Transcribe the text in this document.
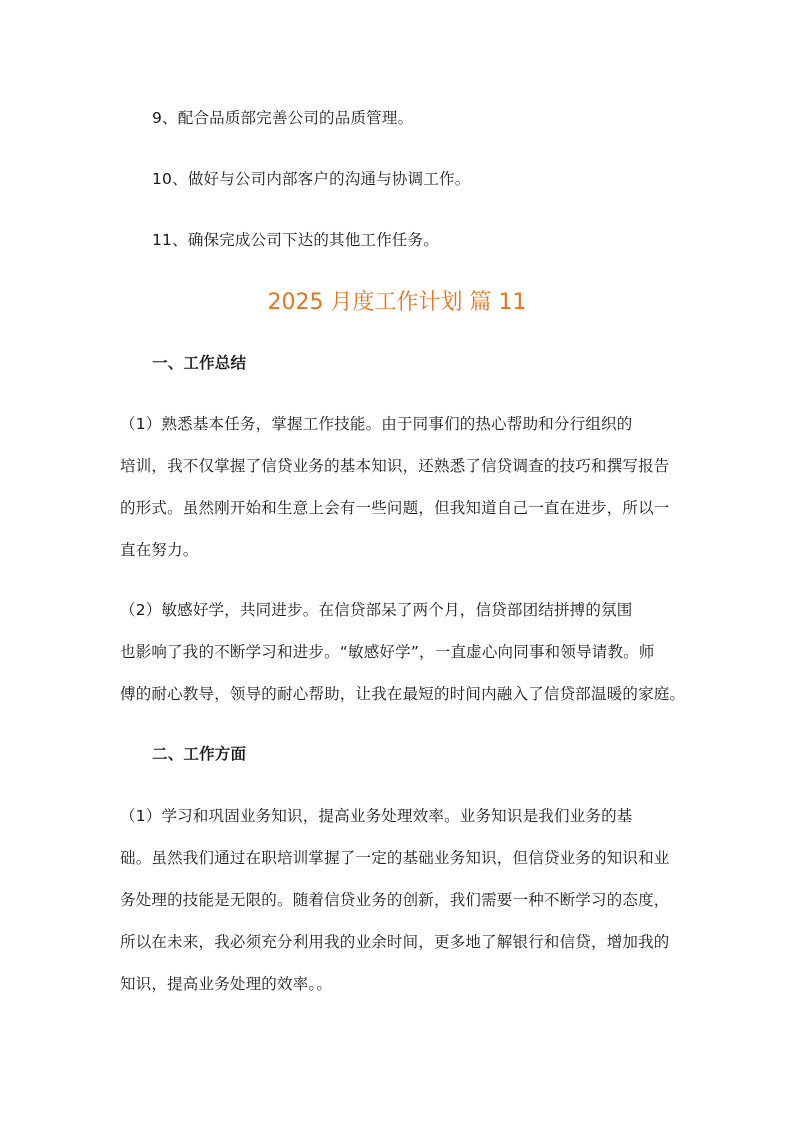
9、配合品质部完善公司的品质管理。
10、做好与公司内部客户的沟通与协调工作。
11、确保完成公司下达的其他工作任务。
2025 月度工作计划 篇 11
一、工作总结
（1）熟悉基本任务，掌握工作技能。由于同事们的热心帮助和分行组织的
培训，我不仅掌握了信贷业务的基本知识，还熟悉了信贷调查的技巧和撰写报告
的形式。虽然刚开始和生意上会有一些问题，但我知道自己一直在进步，所以一
直在努力。
（2）敏感好学，共同进步。在信贷部呆了两个月，信贷部团结拼搏的氛围
也影响了我的不断学习和进步。“敏感好学”，一直虚心向同事和领导请教。师
傅的耐心教导，领导的耐心帮助，让我在最短的时间内融入了信贷部温暖的家庭。
二、工作方面
（1）学习和巩固业务知识，提高业务处理效率。业务知识是我们业务的基
础。虽然我们通过在职培训掌握了一定的基础业务知识，但信贷业务的知识和业
务处理的技能是无限的。随着信贷业务的创新，我们需要一种不断学习的态度，
所以在未来，我必须充分利用我的业余时间，更多地了解银行和信贷，增加我的
知识，提高业务处理的效率。。
